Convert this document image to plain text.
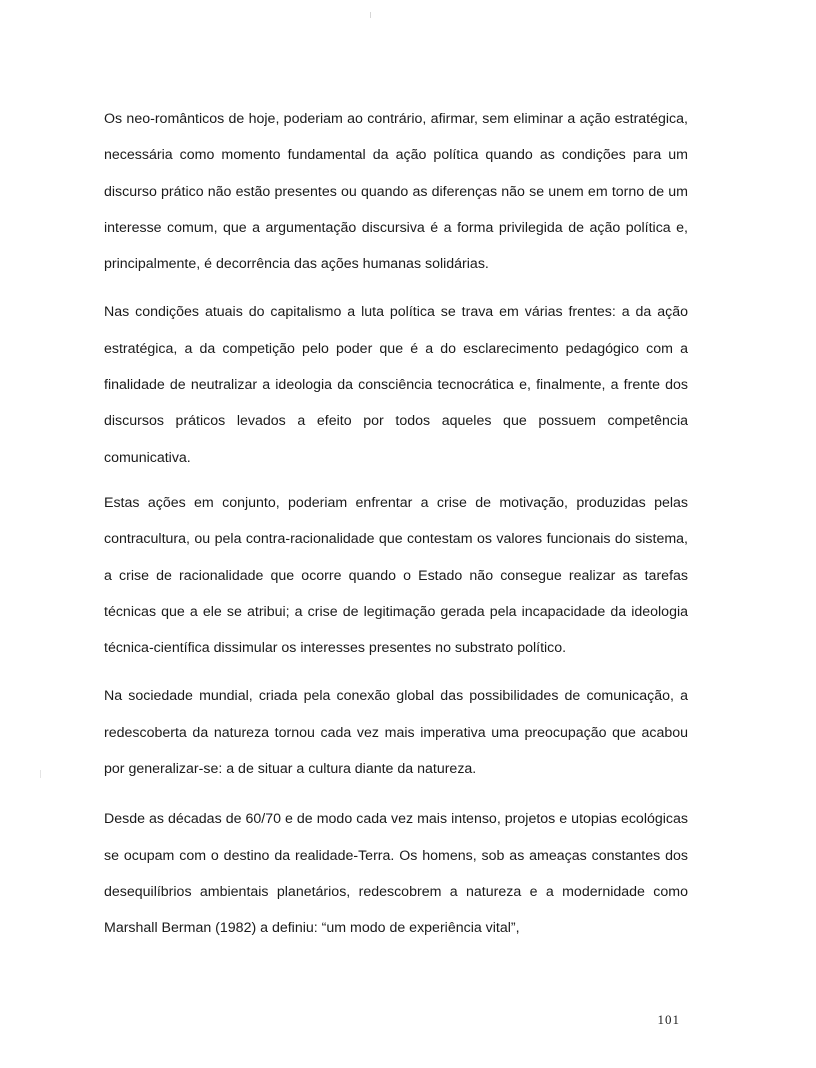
Os neo-românticos de hoje, poderiam ao contrário, afirmar, sem eliminar a ação estratégica, necessária como momento fundamental da ação política quando as condições para um discurso prático não estão presentes ou quando as diferenças não se unem em torno de um interesse comum, que a argumentação discursiva é a forma privilegida de ação política e, principalmente, é decorrência das ações humanas solidárias.

Nas condições atuais do capitalismo a luta política se trava em várias frentes: a da ação estratégica, a da competição pelo poder que é a do esclarecimento pedagógico com a finalidade de neutralizar a ideologia da consciência tecnocrática e, finalmente, a frente dos discursos práticos levados a efeito por todos aqueles que possuem competência comunicativa.

Estas ações em conjunto, poderiam enfrentar a crise de motivação, produzidas pelas contracultura, ou pela contra-racionalidade que contestam os valores funcionais do sistema, a crise de racionalidade que ocorre quando o Estado não consegue realizar as tarefas técnicas que a ele se atribui; a crise de legitimação gerada pela incapacidade da ideologia técnica-científica dissimular os interesses presentes no substrato político.

Na sociedade mundial, criada pela conexão global das possibilidades de comunicação, a redescoberta da natureza tornou cada vez mais imperativa uma preocupação que acabou por generalizar-se: a de situar a cultura diante da natureza.

Desde as décadas de 60/70 e de modo cada vez mais intenso, projetos e utopias ecológicas se ocupam com o destino da realidade-Terra. Os homens, sob as ameaças constantes dos desequilíbrios ambientais planetários, redescobrem a natureza e a modernidade como Marshall Berman (1982) a definiu: “um modo de experiência vital”,

101
